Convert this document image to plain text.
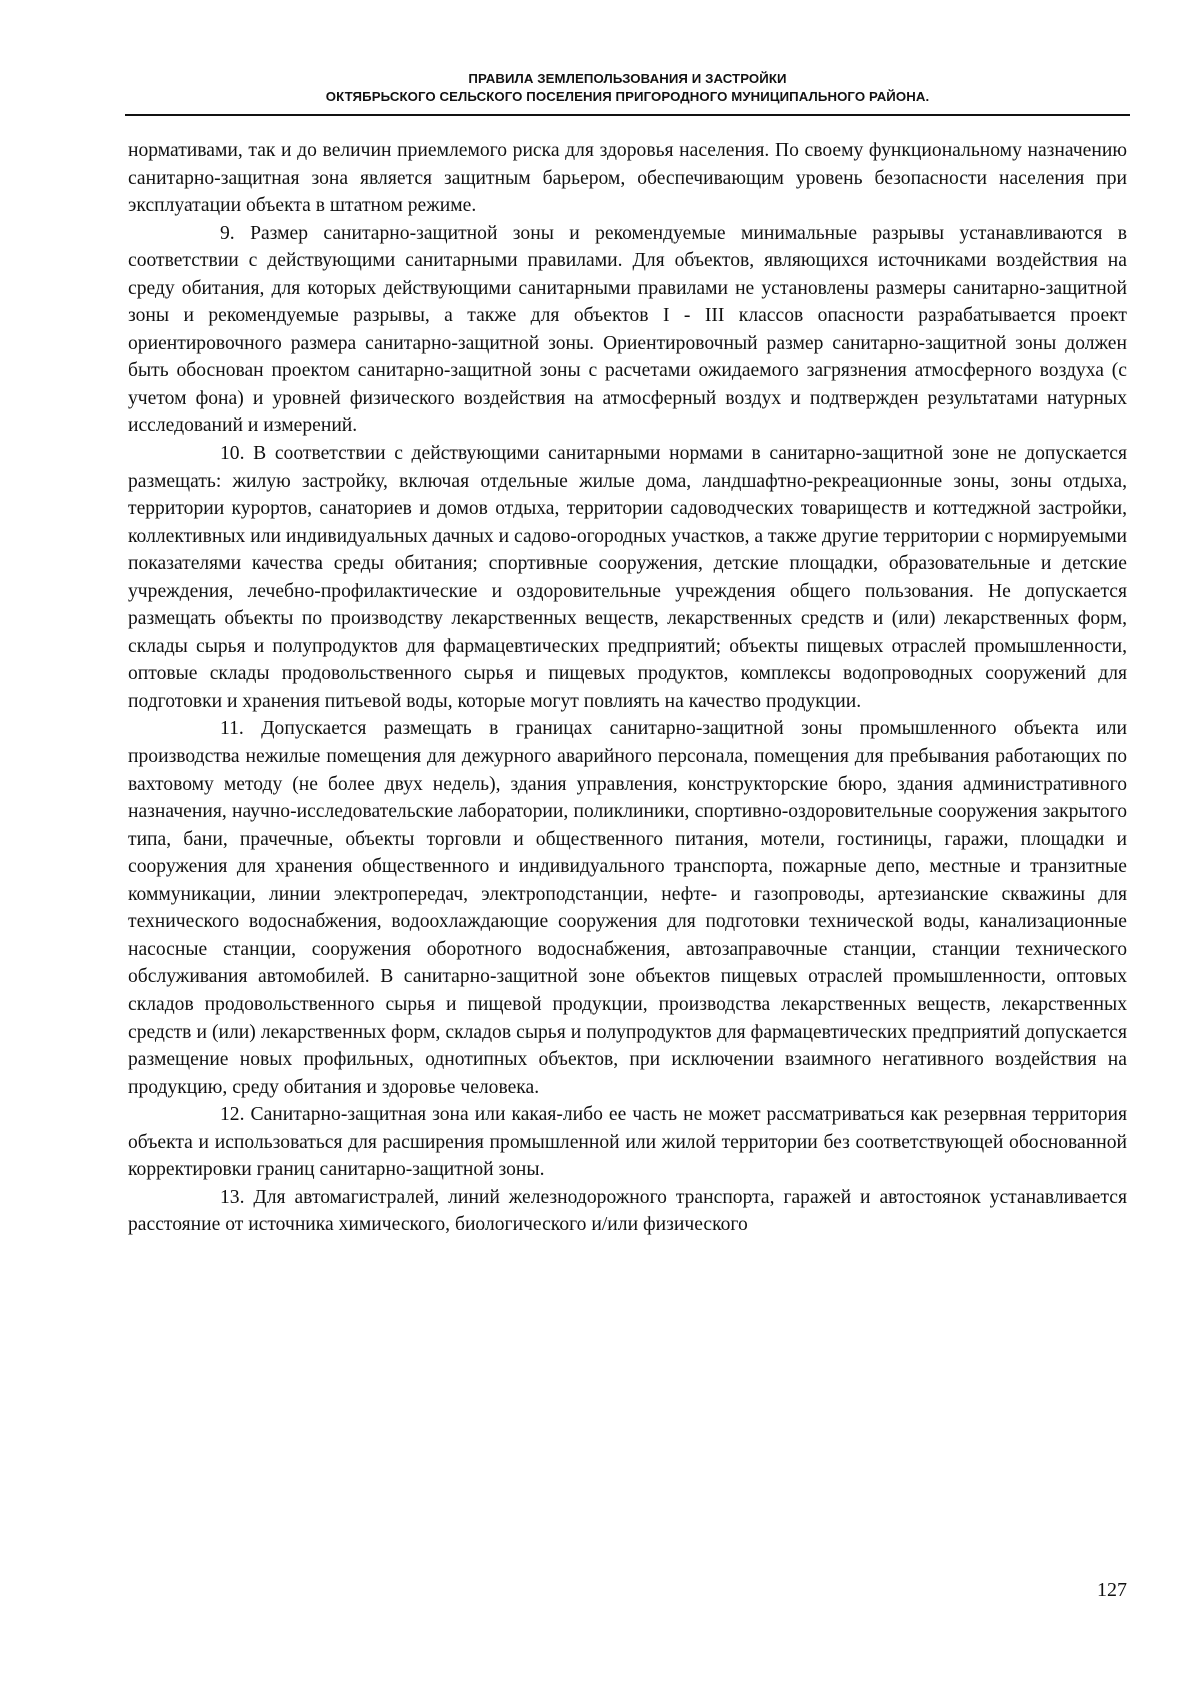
ПРАВИЛА ЗЕМЛЕПОЛЬЗОВАНИЯ И ЗАСТРОЙКИ
ОКТЯБРЬСКОГО СЕЛЬСКОГО ПОСЕЛЕНИЯ ПРИГОРОДНОГО МУНИЦИПАЛЬНОГО РАЙОНА.

нормативами, так и до величин приемлемого риска для здоровья населения. По своему функциональному назначению санитарно-защитная зона является защитным барьером, обеспечивающим уровень безопасности населения при эксплуатации объекта в штатном режиме.

9. Размер санитарно-защитной зоны и рекомендуемые минимальные разрывы устанавливаются в соответствии с действующими санитарными правилами. Для объектов, являющихся источниками воздействия на среду обитания, для которых действующими санитарными правилами не установлены размеры санитарно-защитной зоны и рекомендуемые разрывы, а также для объектов I - III классов опасности разрабатывается проект ориентировочного размера санитарно-защитной зоны. Ориентировочный размер санитарно-защитной зоны должен быть обоснован проектом санитарно-защитной зоны с расчетами ожидаемого загрязнения атмосферного воздуха (с учетом фона) и уровней физического воздействия на атмосферный воздух и подтвержден результатами натурных исследований и измерений.

10. В соответствии с действующими санитарными нормами в санитарно-защитной зоне не допускается размещать: жилую застройку, включая отдельные жилые дома, ландшафтно-рекреационные зоны, зоны отдыха, территории курортов, санаториев и домов отдыха, территории садоводческих товариществ и коттеджной застройки, коллективных или индивидуальных дачных и садово-огородных участков, а также другие территории с нормируемыми показателями качества среды обитания; спортивные сооружения, детские площадки, образовательные и детские учреждения, лечебно-профилактические и оздоровительные учреждения общего пользования. Не допускается размещать объекты по производству лекарственных веществ, лекарственных средств и (или) лекарственных форм, склады сырья и полупродуктов для фармацевтических предприятий; объекты пищевых отраслей промышленности, оптовые склады продовольственного сырья и пищевых продуктов, комплексы водопроводных сооружений для подготовки и хранения питьевой воды, которые могут повлиять на качество продукции.

11. Допускается размещать в границах санитарно-защитной зоны промышленного объекта или производства нежилые помещения для дежурного аварийного персонала, помещения для пребывания работающих по вахтовому методу (не более двух недель), здания управления, конструкторские бюро, здания административного назначения, научно-исследовательские лаборатории, поликлиники, спортивно-оздоровительные сооружения закрытого типа, бани, прачечные, объекты торговли и общественного питания, мотели, гостиницы, гаражи, площадки и сооружения для хранения общественного и индивидуального транспорта, пожарные депо, местные и транзитные коммуникации, линии электропередач, электроподстанции, нефте- и газопроводы, артезианские скважины для технического водоснабжения, водоохлаждающие сооружения для подготовки технической воды, канализационные насосные станции, сооружения оборотного водоснабжения, автозаправочные станции, станции технического обслуживания автомобилей. В санитарно-защитной зоне объектов пищевых отраслей промышленности, оптовых складов продовольственного сырья и пищевой продукции, производства лекарственных веществ, лекарственных средств и (или) лекарственных форм, складов сырья и полупродуктов для фармацевтических предприятий допускается размещение новых профильных, однотипных объектов, при исключении взаимного негативного воздействия на продукцию, среду обитания и здоровье человека.

12. Санитарно-защитная зона или какая-либо ее часть не может рассматриваться как резервная территория объекта и использоваться для расширения промышленной или жилой территории без соответствующей обоснованной корректировки границ санитарно-защитной зоны.

13. Для автомагистралей, линий железнодорожного транспорта, гаражей и автостоянок устанавливается расстояние от источника химического, биологического и/или физического

127
